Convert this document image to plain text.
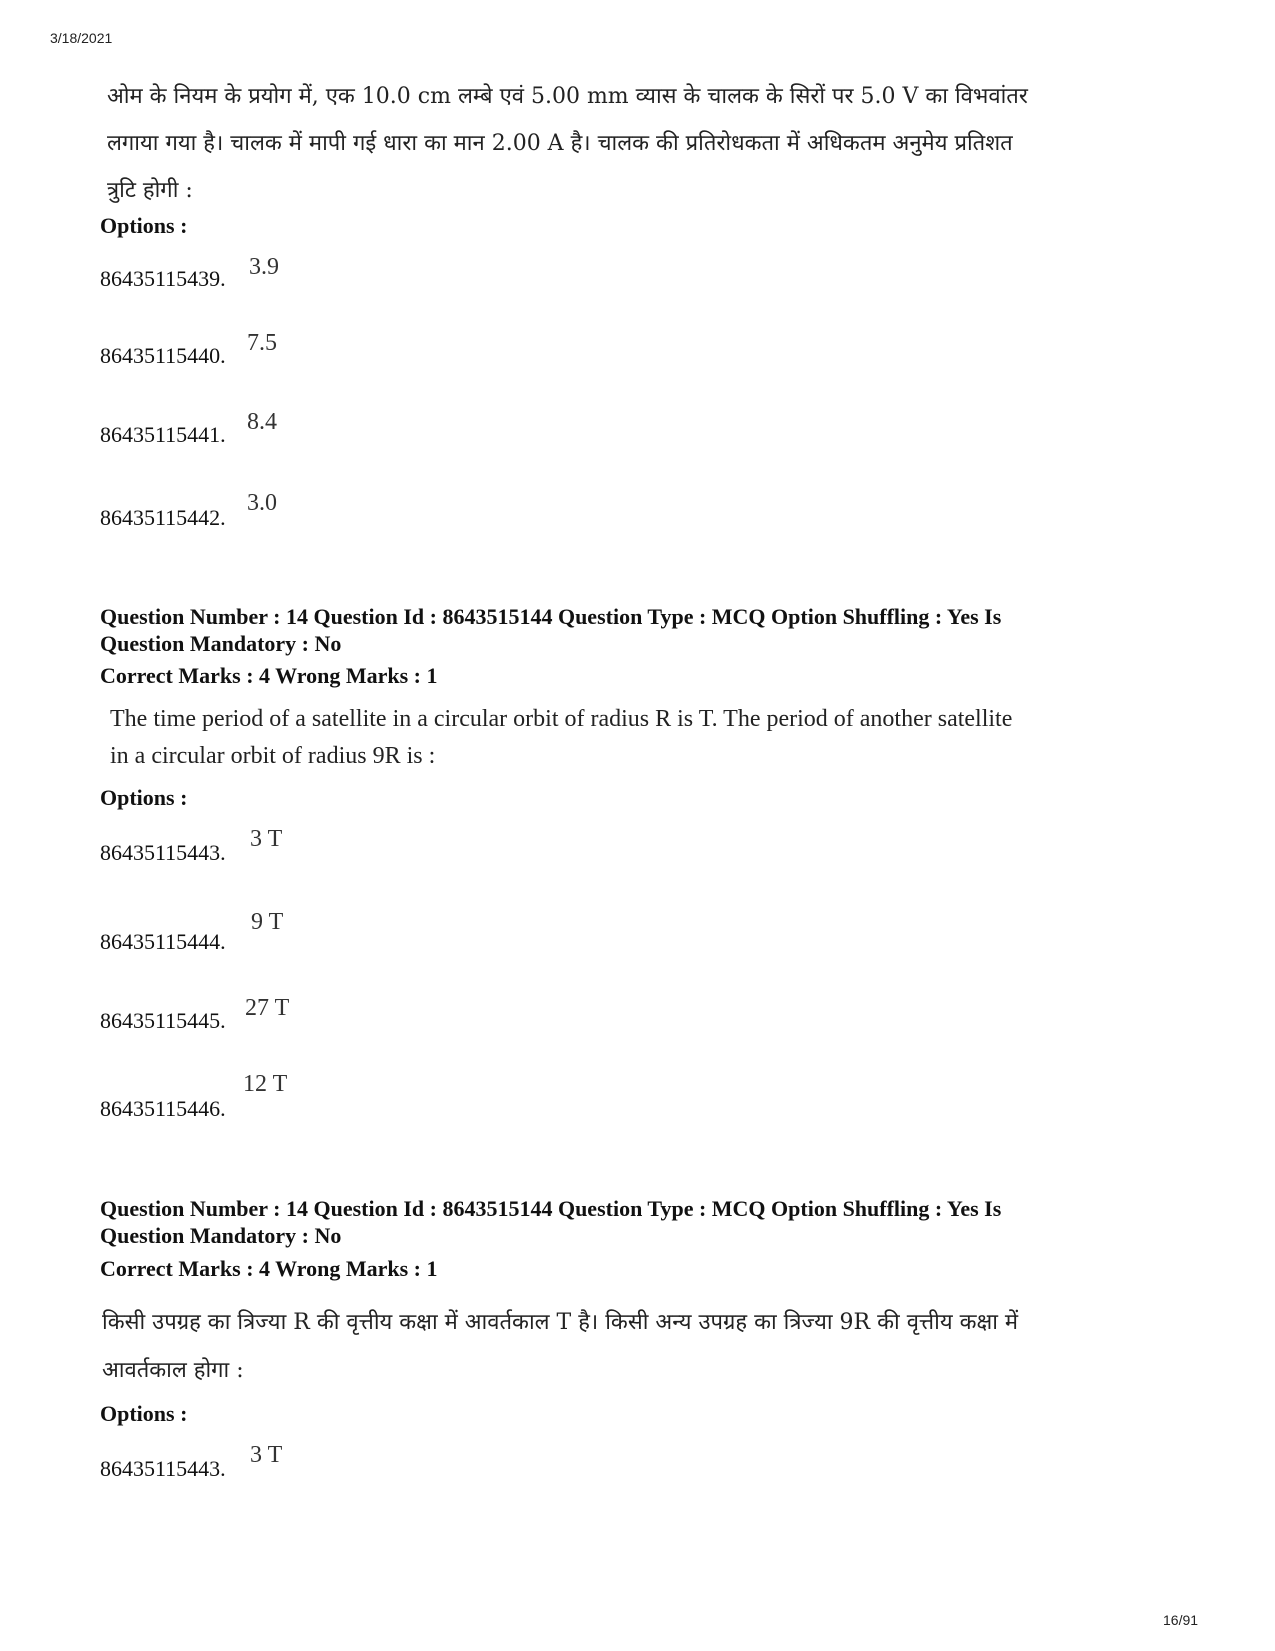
3/18/2021
16/91
ओम के नियम के प्रयोग में, एक 10.0 cm लम्बे एवं 5.00 mm व्यास के चालक के सिरों पर 5.0 V का विभवांतर
लगाया गया है। चालक में मापी गई धारा का मान 2.00 A है। चालक की प्रतिरोधकता में अधिकतम अनुमेय प्रतिशत
त्रुटि होगी :
Options :
86435115439. 3.9
86435115440. 7.5
86435115441. 8.4
86435115442.
3.0
Question Number : 14 Question Id : 8643515144 Question Type : MCQ Option Shuffling : Yes Is
Question Mandatory : No
Correct Marks : 4 Wrong Marks : 1
The time period of a satellite in a circular orbit of radius R is T. The period of another satellite
in a circular orbit of radius 9R is :
Options :
86435115443.
3 T
86435115444.
9 T
86435115445. 27 T
86435115446.
12 T
Question Number : 14 Question Id : 8643515144 Question Type : MCQ Option Shuffling : Yes Is
Question Mandatory : No
Correct Marks : 4 Wrong Marks : 1
किसी उपग्रह का त्रिज्या R की वृत्तीय कक्षा में आवर्तकाल T है। किसी अन्य उपग्रह का त्रिज्या 9R की वृत्तीय कक्षा में
आवर्तकाल होगा :
Options :
86435115443.
3 T
